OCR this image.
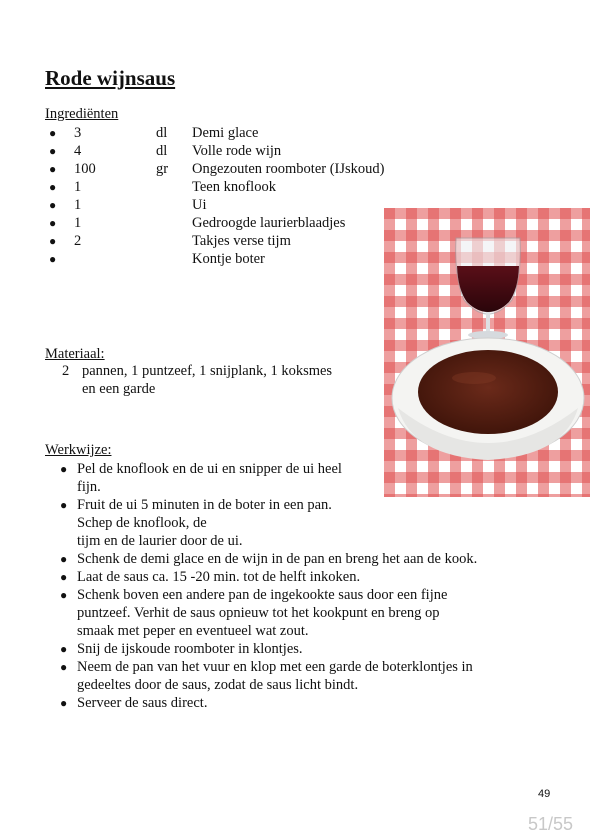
Rode wijnsaus
Ingrediënten
● 3	dl Demi glace
● 4	dl Volle rode wijn
● 100	gr Ongezouten roomboter (IJskoud)
● 1	Teen knoflook
● 1	Ui
● 1	Gedroogde laurierblaadjes
● 2	Takjes verse tijm
●	Kontje boter
Materiaal:
2 pannen, 1 puntzeef, 1 snijplank, 1 koksmes
en een garde
Werkwijze:
● Pel de knoflook en de ui en snipper de ui heel
fijn.
● Fruit de ui 5 minuten in de boter in een pan.
Schep de knoflook, de
tijm en de laurier door de ui.
● Schenk de demi glace en de wijn in de pan en breng het aan de kook.
● Laat de saus ca. 15 -20 min. tot de helft inkoken.
● Schenk boven een andere pan de ingekookte saus door een fijne
puntzeef. Verhit de saus opnieuw tot het kookpunt en breng op
smaak met peper en eventueel wat zout.
● Snij de ijskoude roomboter in klontjes.
● Neem de pan van het vuur en klop met een garde de boterklontjes in
gedeeltes door de saus, zodat de saus licht bindt.
● Serveer de saus direct.
49
51/55
